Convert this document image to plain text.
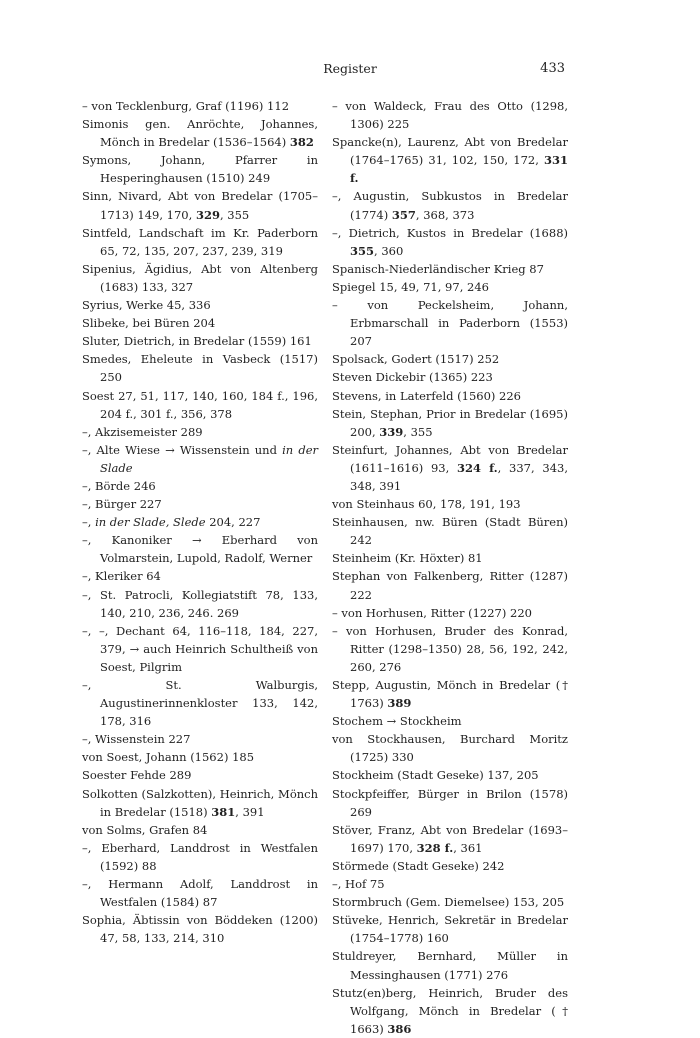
Register	433
– von Tecklenburg, Graf (1196) 112
Simonis gen. Anröchte, Johannes, Mönch in Bredelar (1536–1564) 382
Symons, Johann, Pfarrer in Hesperinghausen (1510) 249
Sinn, Nivard, Abt von Bredelar (1705–1713) 149, 170, 329, 355
Sintfeld, Landschaft im Kr. Paderborn 65, 72, 135, 207, 237, 239, 319
Sipenius, Ägidius, Abt von Altenberg (1683) 133, 327
Syrius, Werke 45, 336
Slibeke, bei Büren 204
Sluter, Dietrich, in Bredelar (1559) 161
Smedes, Eheleute in Vasbeck (1517) 250
Soest 27, 51, 117, 140, 160, 184 f., 196, 204 f., 301 f., 356, 378
–, Akzisemeister 289
–, Alte Wiese → Wissenstein und in der Slade
–, Börde 246
–, Bürger 227
–, in der Slade, Slede 204, 227
–, Kanoniker → Eberhard von Volmarstein, Lupold, Radolf, Werner
–, Kleriker 64
–, St. Patrocli, Kollegiatstift 78, 133, 140, 210, 236, 246. 269
–, –, Dechant 64, 116–118, 184, 227, 379, → auch Heinrich Schultheiß von Soest, Pilgrim
–, St. Walburgis, Augustinerinnenkloster 133, 142, 178, 316
–, Wissenstein 227
von Soest, Johann (1562) 185
Soester Fehde 289
Solkotten (Salzkotten), Heinrich, Mönch in Bredelar (1518) 381, 391
von Solms, Grafen 84
–, Eberhard, Landdrost in Westfalen (1592) 88
–, Hermann Adolf, Landdrost in Westfalen (1584) 87
Sophia, Äbtissin von Böddeken (1200) 47, 58, 133, 214, 310
– von Waldeck, Frau des Otto (1298, 1306) 225
Spancke(n), Laurenz, Abt von Bredelar (1764–1765) 31, 102, 150, 172, 331 f.
–, Augustin, Subkustos in Bredelar (1774) 357, 368, 373
–, Dietrich, Kustos in Bredelar (1688) 355, 360
Spanisch-Niederländischer Krieg 87
Spiegel 15, 49, 71, 97, 246
– von Peckelsheim, Johann, Erbmarschall in Paderborn (1553) 207
Spolsack, Godert (1517) 252
Steven Dickebir (1365) 223
Stevens, in Laterfeld (1560) 226
Stein, Stephan, Prior in Bredelar (1695) 200, 339, 355
Steinfurt, Johannes, Abt von Bredelar (1611–1616) 93, 324 f., 337, 343, 348, 391
von Steinhaus 60, 178, 191, 193
Steinhausen, nw. Büren (Stadt Büren) 242
Steinheim (Kr. Höxter) 81
Stephan von Falkenberg, Ritter (1287) 222
– von Horhusen, Ritter (1227) 220
– von Horhusen, Bruder des Konrad, Ritter (1298–1350) 28, 56, 192, 242, 260, 276
Stepp, Augustin, Mönch in Bredelar († 1763) 389
Stochem → Stockheim
von Stockhausen, Burchard Moritz (1725) 330
Stockheim (Stadt Geseke) 137, 205
Stockpfeiffer, Bürger in Brilon (1578) 269
Stöver, Franz, Abt von Bredelar (1693–1697) 170, 328 f., 361
Störmede (Stadt Geseke) 242
–, Hof 75
Stormbruch (Gem. Diemelsee) 153, 205
Stüveke, Henrich, Sekretär in Bredelar (1754–1778) 160
Stuldreyer, Bernhard, Müller in Messinghausen (1771) 276
Stutz(en)berg, Heinrich, Bruder des Wolfgang, Mönch in Bredelar († 1663) 386
